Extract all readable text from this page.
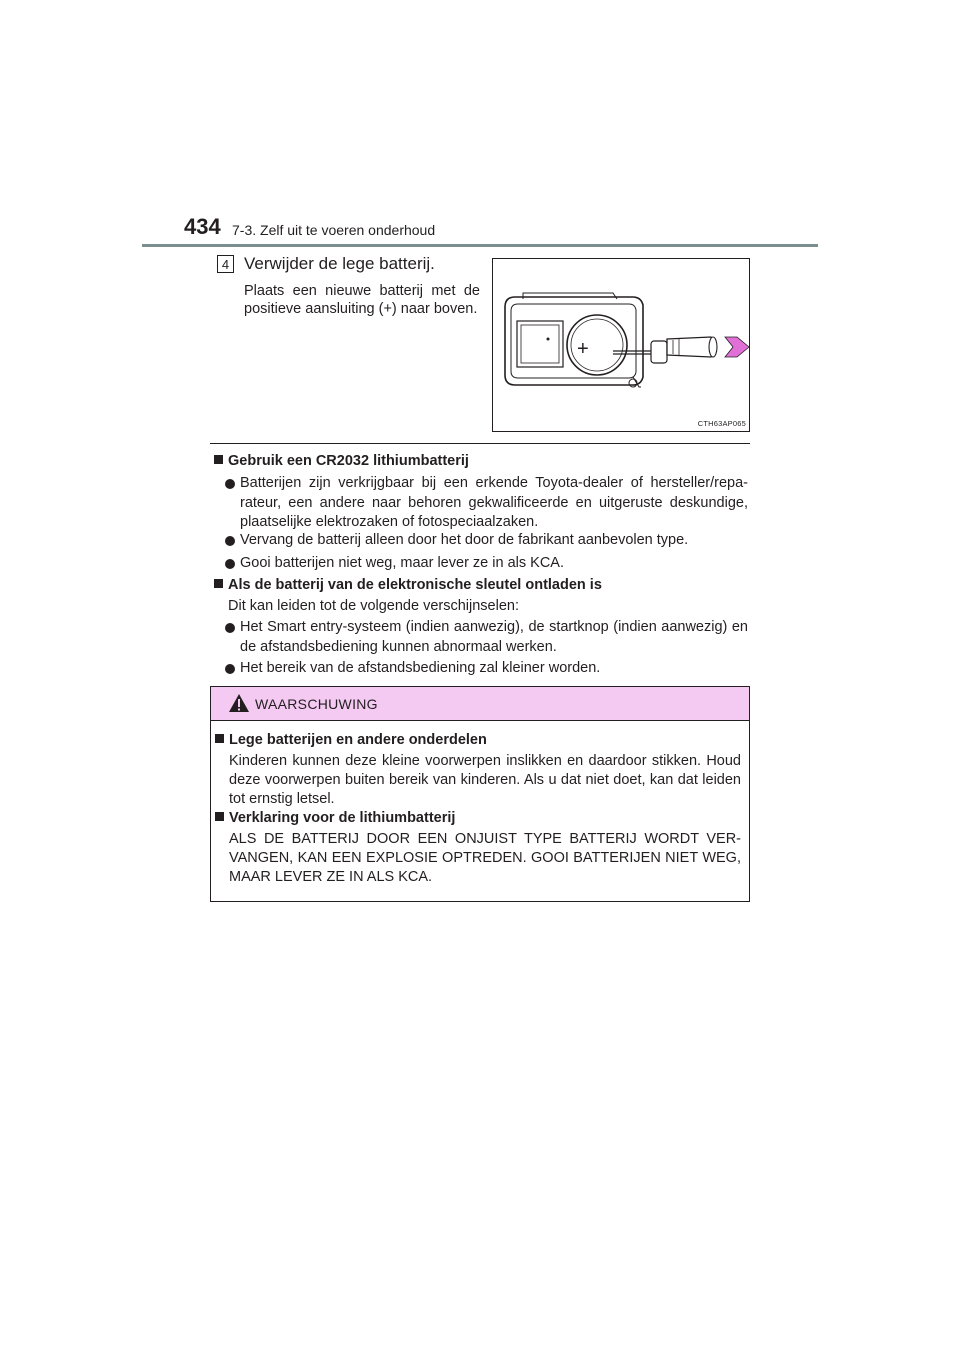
434 7-3. Zelf uit te voeren onderhoud
4 Verwijder de lege batterij.
Plaats een nieuwe batterij met de positieve aansluiting (+) naar boven.
+
CTH63AP065
Gebruik een CR2032 lithiumbatterij
Batterijen zijn verkrijgbaar bij een erkende Toyota-dealer of hersteller/repa-rateur, een andere naar behoren gekwalificeerde en uitgeruste deskundige, plaatselijke elektrozaken of fotospeciaalzaken.
Vervang de batterij alleen door het door de fabrikant aanbevolen type.
Gooi batterijen niet weg, maar lever ze in als KCA.
Als de batterij van de elektronische sleutel ontladen is
Dit kan leiden tot de volgende verschijnselen:
Het Smart entry-systeem (indien aanwezig), de startknop (indien aanwezig) en de afstandsbediening kunnen abnormaal werken.
Het bereik van de afstandsbediening zal kleiner worden.
WAARSCHUWING
Lege batterijen en andere onderdelen
Kinderen kunnen deze kleine voorwerpen inslikken en daardoor stikken. Houd deze voorwerpen buiten bereik van kinderen. Als u dat niet doet, kan dat leiden tot ernstig letsel.
Verklaring voor de lithiumbatterij
ALS DE BATTERIJ DOOR EEN ONJUIST TYPE BATTERIJ WORDT VER-VANGEN, KAN EEN EXPLOSIE OPTREDEN. GOOI BATTERIJEN NIET WEG, MAAR LEVER ZE IN ALS KCA.
